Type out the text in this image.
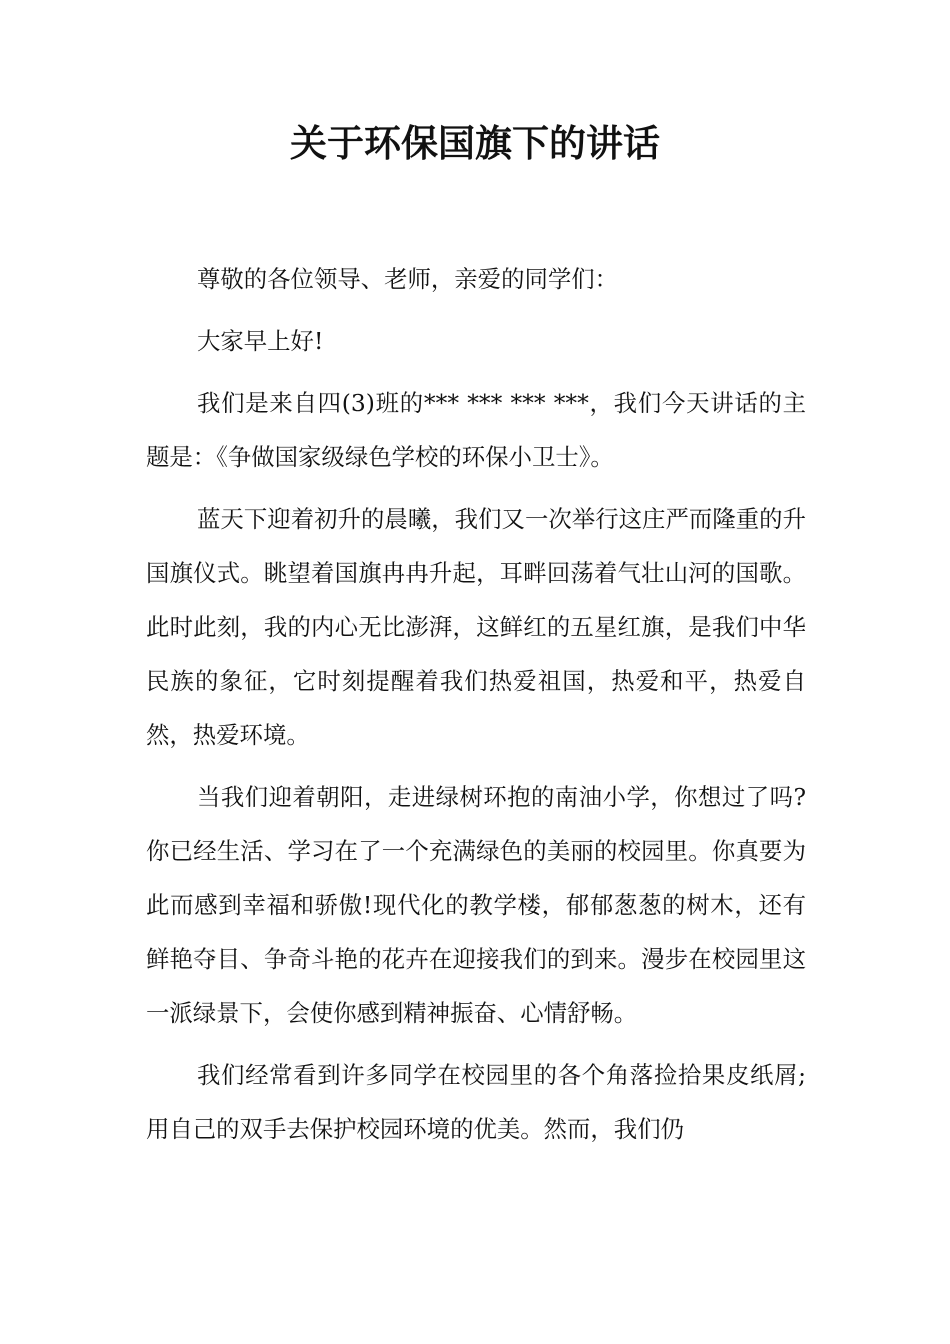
关于环保国旗下的讲话

尊敬的各位领导、老师，亲爱的同学们：

大家早上好!

我们是来自四(3)班的*** *** *** ***，我们今天讲话的主题是：《争做国家级绿色学校的环保小卫士》。

蓝天下迎着初升的晨曦，我们又一次举行这庄严而隆重的升国旗仪式。眺望着国旗冉冉升起，耳畔回荡着气壮山河的国歌。此时此刻，我的内心无比澎湃，这鲜红的五星红旗，是我们中华民族的象征，它时刻提醒着我们热爱祖国，热爱和平，热爱自然，热爱环境。

当我们迎着朝阳，走进绿树环抱的南油小学，你想过了吗?你已经生活、学习在了一个充满绿色的美丽的校园里。你真要为此而感到幸福和骄傲!现代化的教学楼，郁郁葱葱的树木，还有鲜艳夺目、争奇斗艳的花卉在迎接我们的到来。漫步在校园里这一派绿景下，会使你感到精神振奋、心情舒畅。

我们经常看到许多同学在校园里的各个角落捡拾果皮纸屑;用自己的双手去保护校园环境的优美。然而，我们仍
